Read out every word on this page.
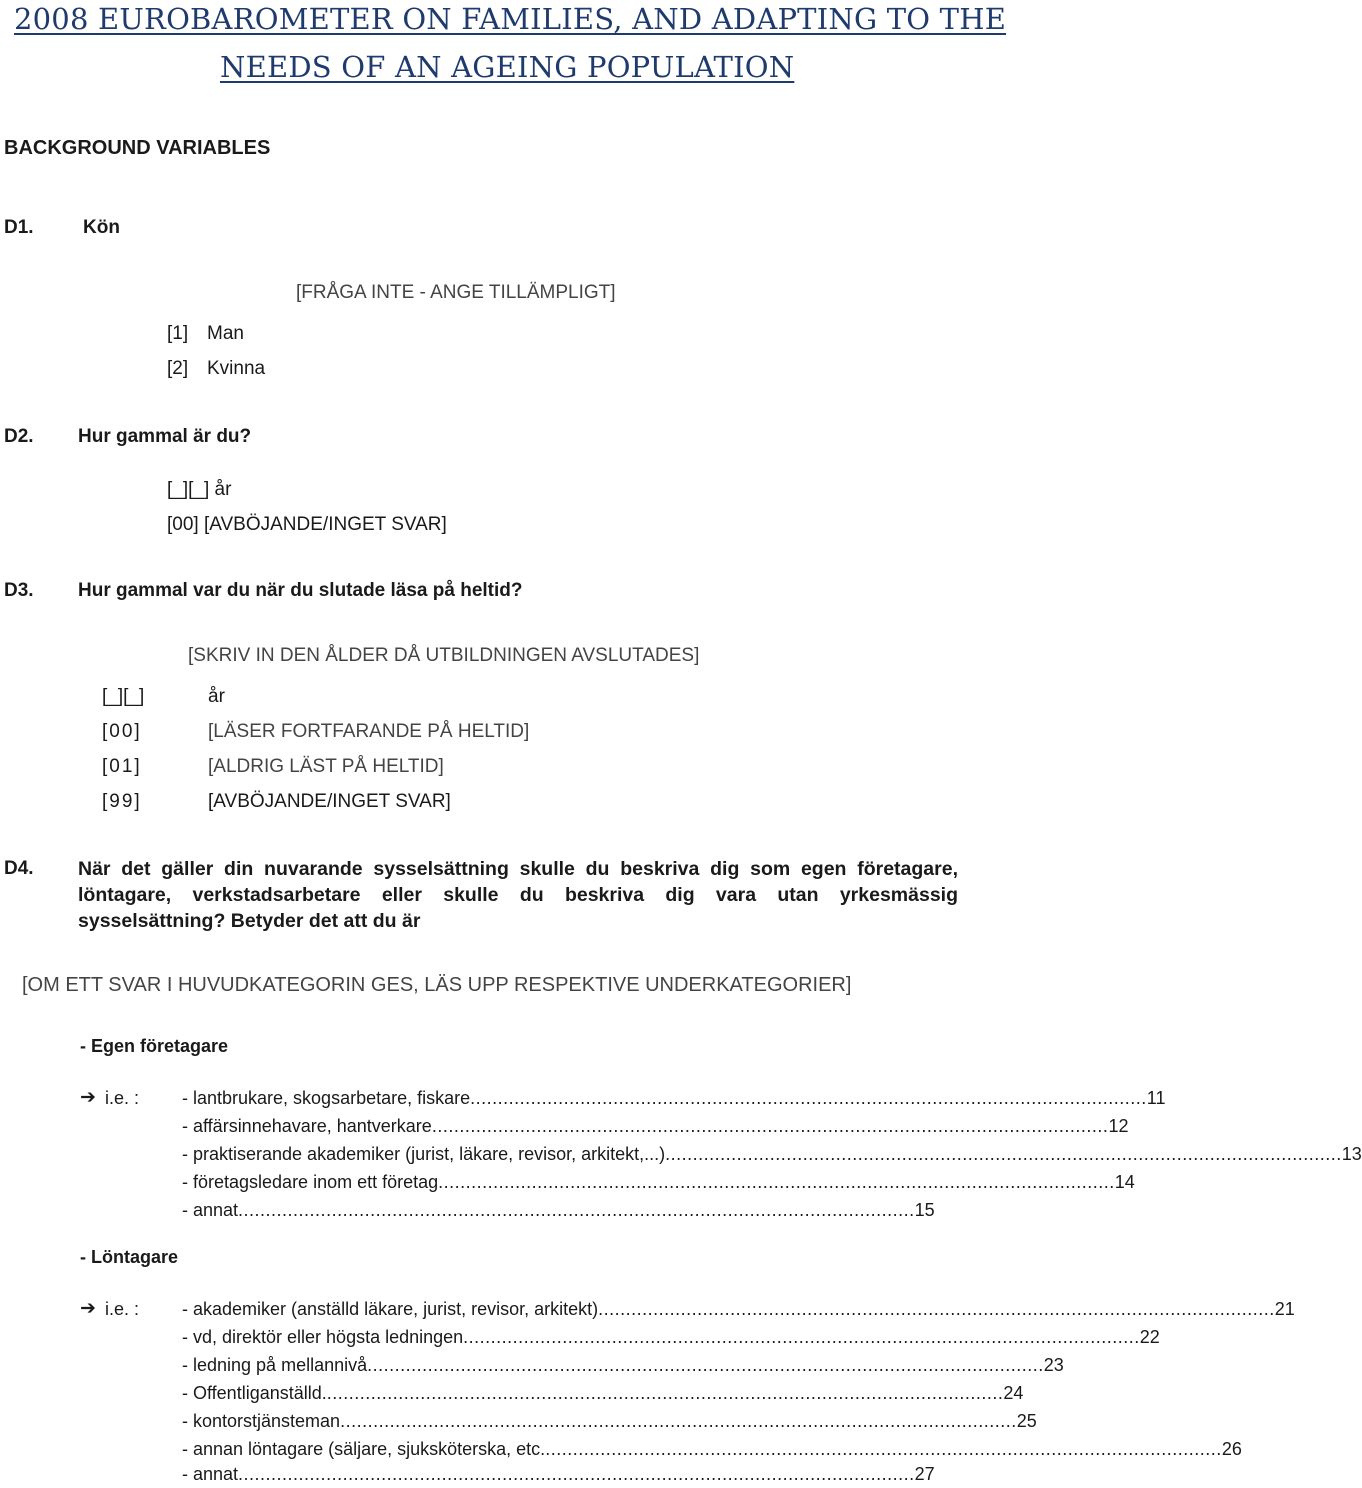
2008 EUROBAROMETER ON FAMILIES, AND ADAPTING TO THE
NEEDS OF AN AGEING POPULATION
BACKGROUND VARIABLES
D1.	Kön
[FRÅGA INTE - ANGE TILLÄMPLIGT]
[1] Man
[2] Kvinna
D2. Hur gammal är du?
[_][_] år
[00] [AVBÖJANDE/INGET SVAR]
D3. Hur gammal var du när du slutade läsa på heltid?
[SKRIV IN DEN ÅLDER DÅ UTBILDNINGEN AVSLUTADES]
[_][_]	år
[00]	[LÄSER FORTFARANDE PÅ HELTID]
[01]	[ALDRIG LÄST PÅ HELTID]
[99]	[AVBÖJANDE/INGET SVAR]
D4. När det gäller din nuvarande sysselsättning skulle du beskriva dig som egen företagare, löntagare, verkstadsarbetare eller skulle du beskriva dig vara utan yrkesmässig sysselsättning? Betyder det att du är
[OM ETT SVAR I HUVUDKATEGORIN GES, LÄS UPP RESPEKTIVE UNDERKATEGORIER]
- Egen företagare
➔ i.e. : - lantbrukare, skogsarbetare, fiskare ........................................................................................................................... 11
- affärsinnehavare, hantverkare ........................................................................................................................... 12
- praktiserande akademiker (jurist, läkare, revisor, arkitekt,...) ........................................................................................................................... 13
- företagsledare inom ett företag ........................................................................................................................... 14
- annat ........................................................................................................................... 15
- Löntagare
➔ i.e. : - akademiker (anställd läkare, jurist, revisor, arkitekt) ........................................................................................................................... 21
- vd, direktör eller högsta ledningen ........................................................................................................................... 22
- ledning på mellannivå ........................................................................................................................... 23
- Offentliganställd. ........................................................................................................................... 24
- kontorstjänsteman ........................................................................................................................... 25
- annan löntagare (säljare, sjuksköterska, etc. ........................................................................................................................... 26
- annat ........................................................................................................................... 27
